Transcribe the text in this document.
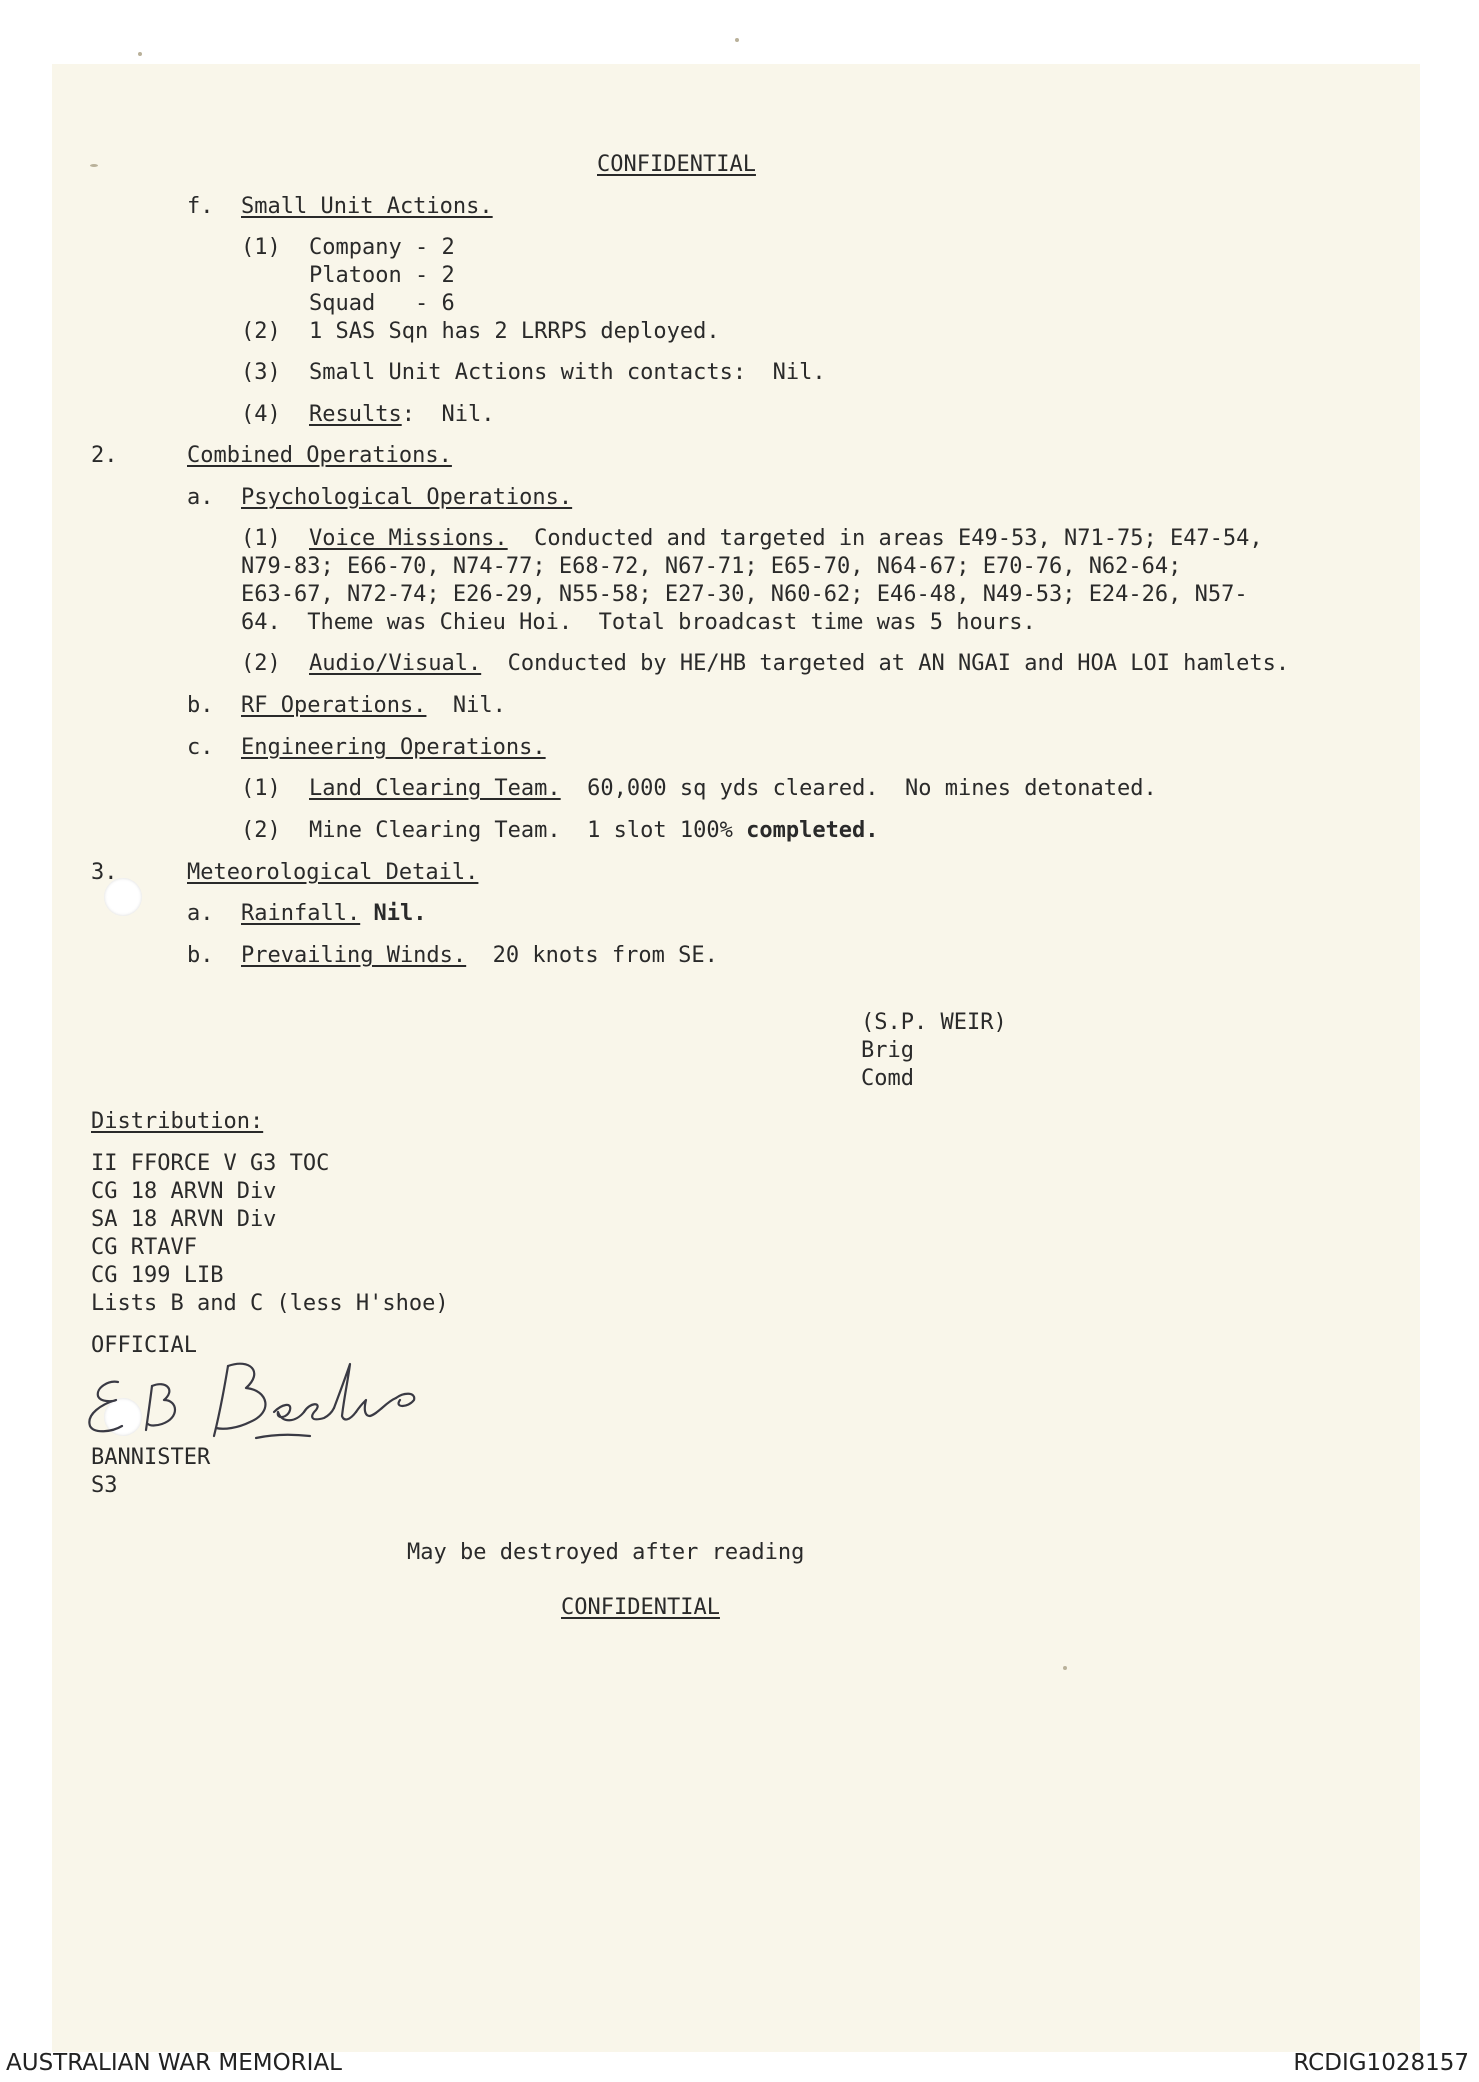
CONFIDENTIAL
f. Small Unit Actions.
(1) Company - 2
Platoon - 2
Squad   - 6
(2) 1 SAS Sqn has 2 LRRPS deployed.
(3) Small Unit Actions with contacts:  Nil.
(4) Results:  Nil.
2.	Combined Operations.
a. Psychological Operations.
(1) Voice Missions.  Conducted and targeted in areas E49-53, N71-75; E47-54,
N79-83; E66-70, N74-77; E68-72, N67-71; E65-70, N64-67; E70-76, N62-64;
E63-67, N72-74; E26-29, N55-58; E27-30, N60-62; E46-48, N49-53; E24-26, N57-
64.  Theme was Chieu Hoi.  Total broadcast time was 5 hours.
(2) Audio/Visual.  Conducted by HE/HB targeted at AN NGAI and HOA LOI hamlets.
b. RF Operations.  Nil.
c. Engineering Operations.
(1) Land Clearing Team.  60,000 sq yds cleared.  No mines detonated.
(2) Mine Clearing Team.  1 slot 100% completed.
3.	Meteorological Detail.
a. Rainfall. Nil.
b. Prevailing Winds.  20 knots from SE.
(S.P. WEIR)
Brig
Comd
Distribution:
II FFORCE V G3 TOC
CG 18 ARVN Div
SA 18 ARVN Div
CG RTAVF
CG 199 LIB
Lists B and C (less H'shoe)
OFFICIAL
BANNISTER
S3
May be destroyed after reading
CONFIDENTIAL
AUSTRALIAN WAR MEMORIAL	RCDIG1028157
